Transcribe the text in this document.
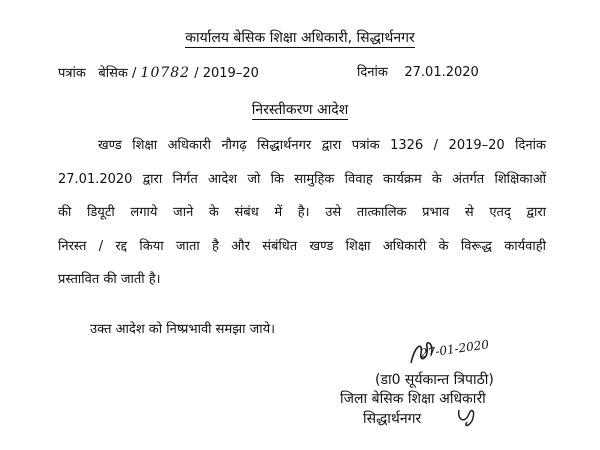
कार्यालय बेसिक शिक्षा अधिकारी, सिद्धार्थनगर
पत्रांक बेसिक / 10782 / 2019–20	दिनांक 27.01.2020
निरस्तीकरण आदेश
खण्ड शिक्षा अधिकारी नौगढ़ सिद्धार्थनगर द्वारा पत्रांक 1326 / 2019–20 दिनांक
27.01.2020 द्वारा निर्गत आदेश जो कि सामुहिक विवाह कार्यक्रम के अंतर्गत शिक्षिकाओं
की डियूटी लगाये जाने के संबंध में है। उसे तात्कालिक प्रभाव से एतद् द्वारा
निरस्त / रद्द किया जाता है और संबंधित खण्ड शिक्षा अधिकारी के विरूद्ध कार्यवाही
प्रस्तावित की जाती है।
उक्त आदेश को निष्प्रभावी समझा जाये।
27-01-2020
(डा0 सूर्यकान्त त्रिपाठी)
जिला बेसिक शिक्षा अधिकारी
सिद्धार्थनगर
